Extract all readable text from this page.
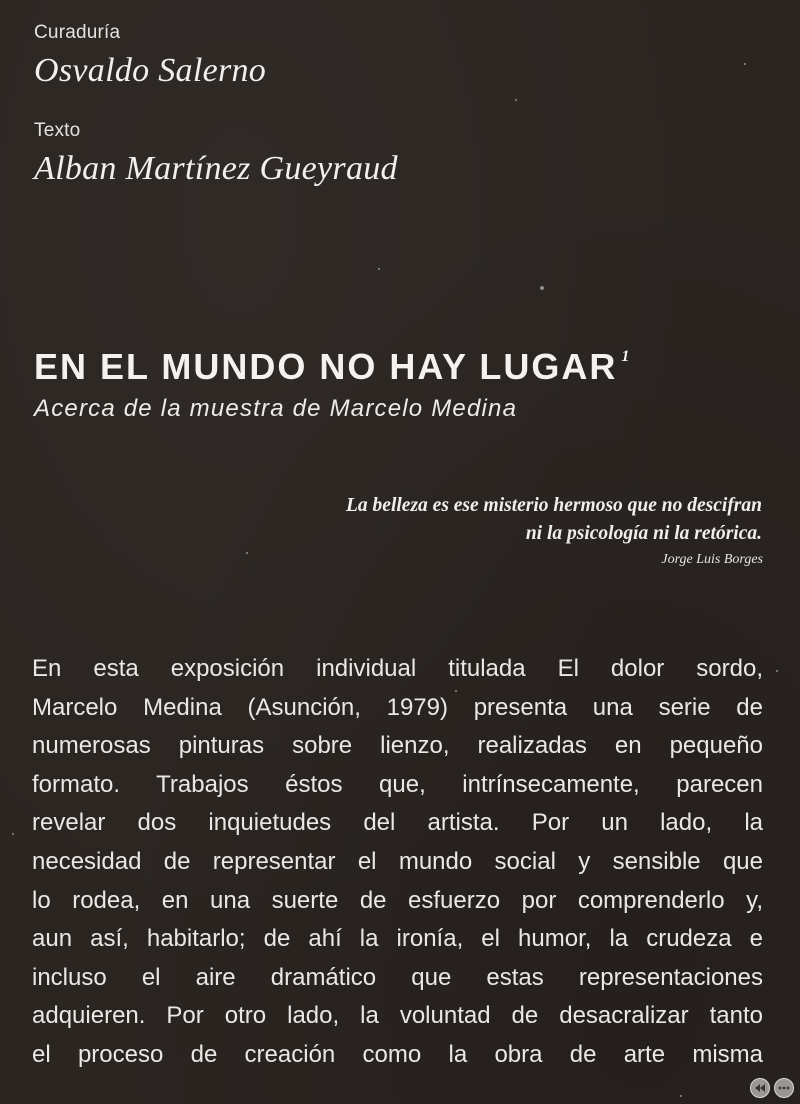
Curaduría
Osvaldo Salerno
Texto
Alban Martínez Gueyraud
EN EL MUNDO NO HAY LUGAR $^1$
Acerca de la muestra de Marcelo Medina
La belleza es ese misterio hermoso que no descifran
ni la psicología ni la retórica.
Jorge Luis Borges
En esta exposición individual titulada El dolor sordo,
Marcelo Medina (Asunción, 1979) presenta una serie de
numerosas pinturas sobre lienzo, realizadas en pequeño
formato. Trabajos éstos que, intrínsecamente, parecen
revelar dos inquietudes del artista. Por un lado, la
necesidad de representar el mundo social y sensible que
lo rodea, en una suerte de esfuerzo por comprenderlo y,
aun así, habitarlo; de ahí la ironía, el humor, la crudeza e
incluso el aire dramático que estas representaciones
adquieren. Por otro lado, la voluntad de desacralizar tanto
el proceso de creación como la obra de arte misma
